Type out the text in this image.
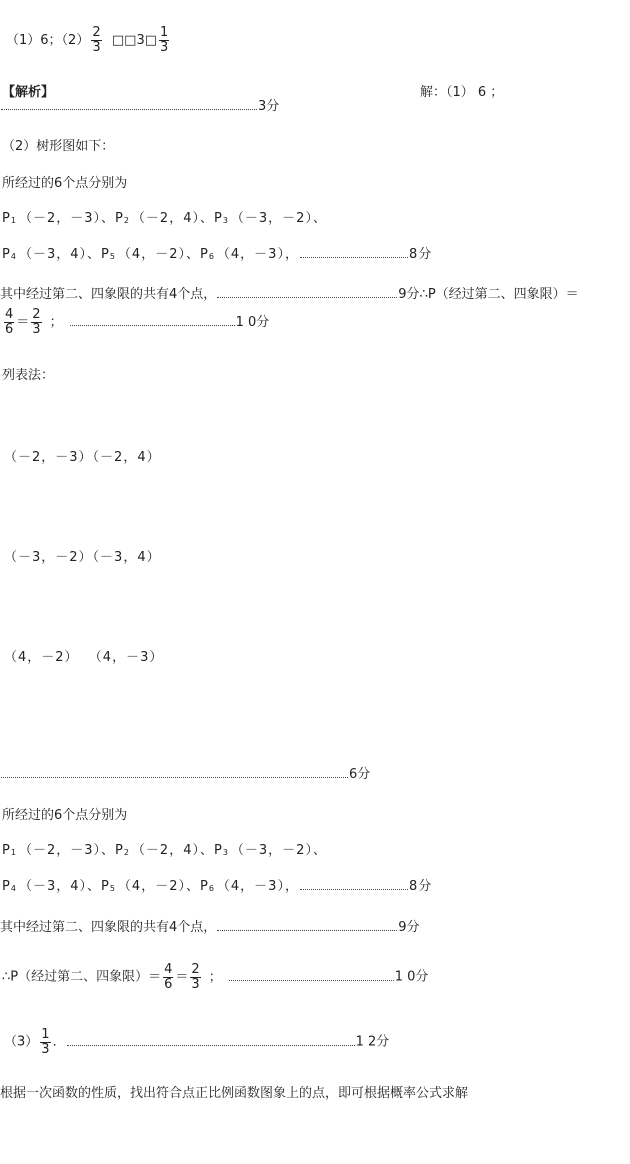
（1）6；$(2) \frac{2}{3}$ □□3□ $\frac{1}{3}$
【解析】	解：（1） 6 ；
3分
（2）树形图如下：
所经过的6个点分别为
P1 （－2，－3）、P2 （－2，4）、P3 （－3，－2）、
P4 （－3，4）、P5 （4，－2）、P6 （4，－3），	8分
其中经过第二、四象限的共有4个点，	9分∴P（经过第二、四象限）＝
$\frac{4}{6} = \frac{2}{3}$ ；	1 0分
列表法：
（－2，－3）（－2，4）
（－3，－2）（－3，4）
（4，－2）  （4，－3）
6分
所经过的6个点分别为
P1 （－2，－3）、P2 （－2，4）、P3 （－3，－2）、
P4 （－3，4）、P5 （4，－2）、P6 （4，－3），	8分
其中经过第二、四象限的共有4个点，	9分
∴P（经过第二、四象限）＝ $\frac{4}{6} = \frac{2}{3}$ ；	1 0分
$(3) \frac{1}{3}$ ．	1 2分
根据一次函数的性质，找出符合点正比例函数图象上的点，即可根据概率公式求解
